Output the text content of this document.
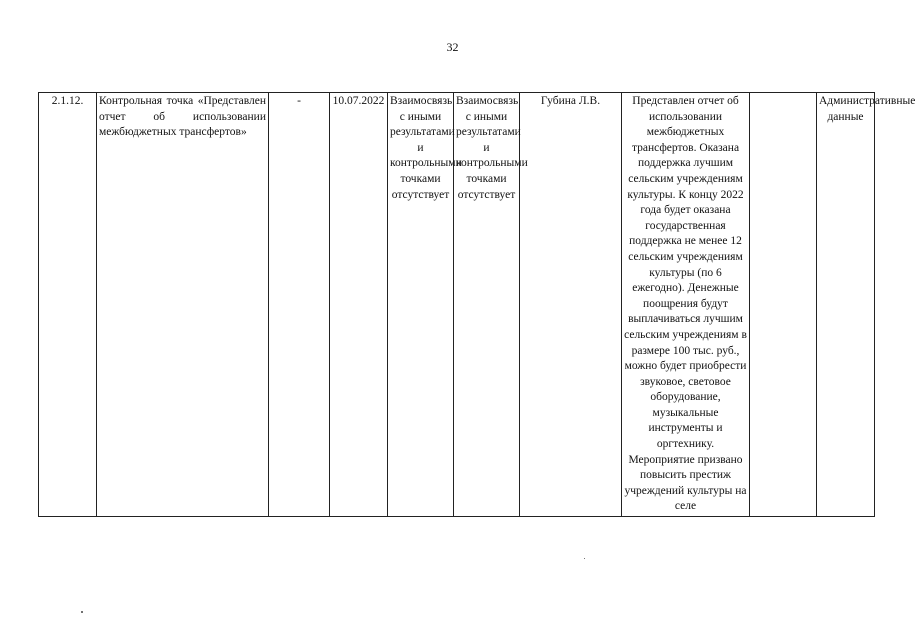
32
2.1.12.	Контрольная точка «Представлен отчет об использовании межбюджетных трансфертов»	-	10.07.2022	Взаимосвязь с иными результатами и контрольными точками отсутствует	Взаимосвязь с иными результатами и контрольными точками отсутствует	Губина Л.В.	Представлен отчет об использовании межбюджетных трансфертов. Оказана поддержка лучшим сельским учреждениям культуры. К концу 2022 года будет оказана государственная поддержка не менее 12 сельским учреждениям культуры (по 6 ежегодно). Денежные поощрения будут выплачиваться лучшим сельским учреждениям в размере 100 тыс. руб., можно будет приобрести звуковое, световое оборудование, музыкальные инструменты и оргтехнику. Мероприятие призвано повысить престиж учреждений культуры на селе		Административные данные
